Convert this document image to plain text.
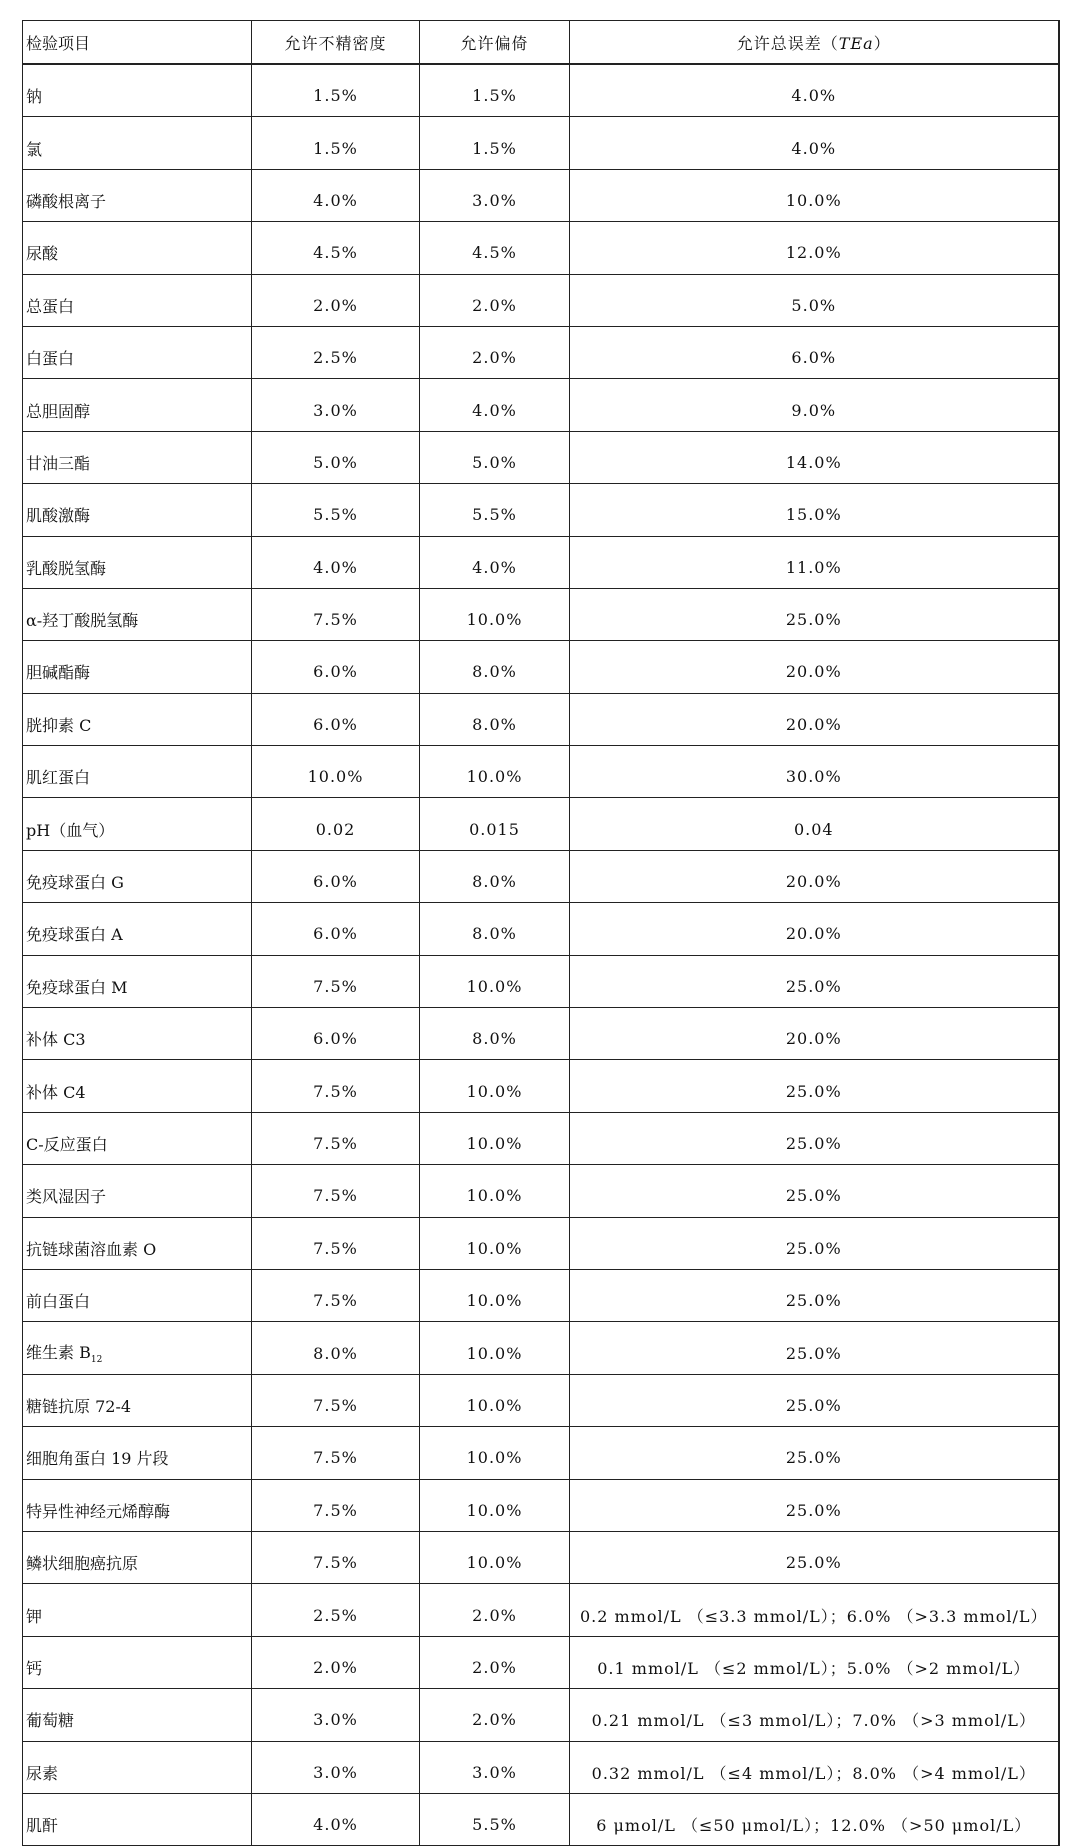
检验项目	允许不精密度	允许偏倚	允许总误差（TEa）
钠	1.5%	1.5%	4.0%
氯	1.5%	1.5%	4.0%
磷酸根离子	4.0%	3.0%	10.0%
尿酸	4.5%	4.5%	12.0%
总蛋白	2.0%	2.0%	5.0%
白蛋白	2.5%	2.0%	6.0%
总胆固醇	3.0%	4.0%	9.0%
甘油三酯	5.0%	5.0%	14.0%
肌酸激酶	5.5%	5.5%	15.0%
乳酸脱氢酶	4.0%	4.0%	11.0%
α-羟丁酸脱氢酶	7.5%	10.0%	25.0%
胆碱酯酶	6.0%	8.0%	20.0%
胱抑素 C	6.0%	8.0%	20.0%
肌红蛋白	10.0%	10.0%	30.0%
pH（血气）	0.02	0.015	0.04
免疫球蛋白 G	6.0%	8.0%	20.0%
免疫球蛋白 A	6.0%	8.0%	20.0%
免疫球蛋白 M	7.5%	10.0%	25.0%
补体 C3	6.0%	8.0%	20.0%
补体 C4	7.5%	10.0%	25.0%
C-反应蛋白	7.5%	10.0%	25.0%
类风湿因子	7.5%	10.0%	25.0%
抗链球菌溶血素 O	7.5%	10.0%	25.0%
前白蛋白	7.5%	10.0%	25.0%
维生素 $B_{12}$	8.0%	10.0%	25.0%
糖链抗原 72-4	7.5%	10.0%	25.0%
细胞角蛋白 19 片段	7.5%	10.0%	25.0%
特异性神经元烯醇酶	7.5%	10.0%	25.0%
鳞状细胞癌抗原	7.5%	10.0%	25.0%
钾	2.5%	2.0%	0.2 mmol/L （≤3.3 mmol/L）；6.0% （>3.3 mmol/L）
钙	2.0%	2.0%	0.1 mmol/L （≤2 mmol/L）；5.0% （>2 mmol/L）
葡萄糖	3.0%	2.0%	0.21 mmol/L （≤3 mmol/L）；7.0% （>3 mmol/L）
尿素	3.0%	3.0%	0.32 mmol/L （≤4 mmol/L）；8.0% （>4 mmol/L）
肌酐	4.0%	5.5%	6 μmol/L （≤50 μmol/L）；12.0% （>50 μmol/L）
